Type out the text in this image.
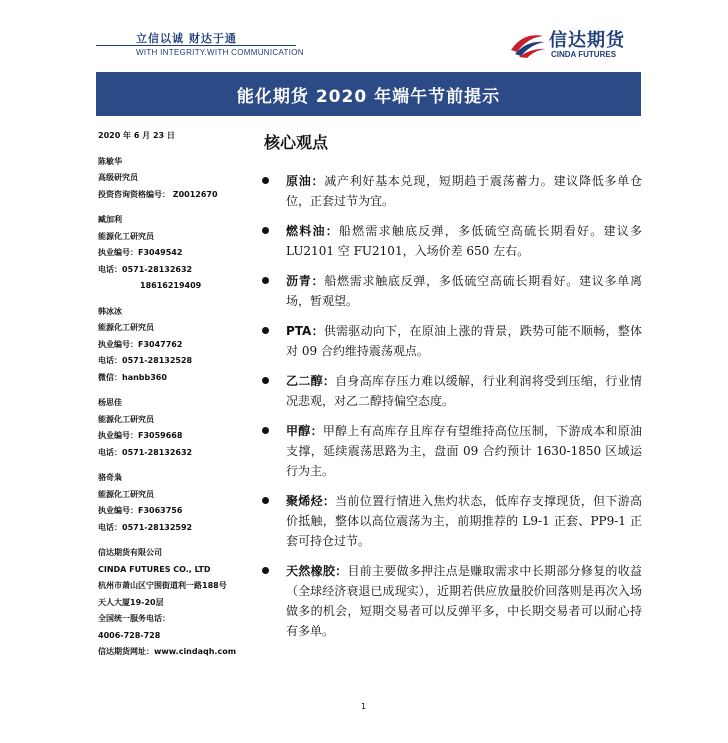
立信以诚 财达于通
WITH INTEGRITY.WITH COMMUNICATION
信达期货
CINDA FUTURES
能化期货 2020 年端午节前提示
2020 年 6 月 23 日
陈敏华
高级研究员
投资咨询资格编号： Z0012670
臧加利
能源化工研究员
执业编号：F3049542
电话：0571-28132632
18616219409
韩冰冰
能源化工研究员
执业编号：F3047762
电话：0571-28132528
微信：hanbb360
杨思佳
能源化工研究员
执业编号：F3059668
电话：0571-28132632
骆奇枭
能源化工研究员
执业编号：F3063756
电话：0571-28132592
信达期货有限公司
CINDA FUTURES CO., LTD
杭州市萧山区宁围街道利一路188号
天人大厦19-20层
全国统一服务电话：
4006-728-728
信达期货网址：www.cindaqh.com
核心观点
原油：减产利好基本兑现，短期趋于震荡蓄力。建议降低多单仓位，正套过节为宜。
燃料油：船燃需求触底反弹，多低硫空高硫长期看好。建议多LU2101 空 FU2101，入场价差 650 左右。
沥青：船燃需求触底反弹，多低硫空高硫长期看好。建议多单离场，暂观望。
PTA：供需驱动向下，在原油上涨的背景，跌势可能不顺畅，整体对 09 合约维持震荡观点。
乙二醇：自身高库存压力难以缓解，行业利润将受到压缩，行业情况悲观，对乙二醇持偏空态度。
甲醇：甲醇上有高库存且库存有望维持高位压制，下游成本和原油支撑，延续震荡思路为主，盘面 09 合约预计 1630-1850 区域运行为主。
聚烯烃：当前位置行情进入焦灼状态，低库存支撑现货，但下游高价抵触，整体以高位震荡为主，前期推荐的 L9-1 正套、PP9-1 正套可持仓过节。
天然橡胶：目前主要做多押注点是赚取需求中长期部分修复的收益（全球经济衰退已成现实），近期若供应放量胶价回落则是再次入场做多的机会，短期交易者可以反弹平多，中长期交易者可以耐心持有多单。
1
